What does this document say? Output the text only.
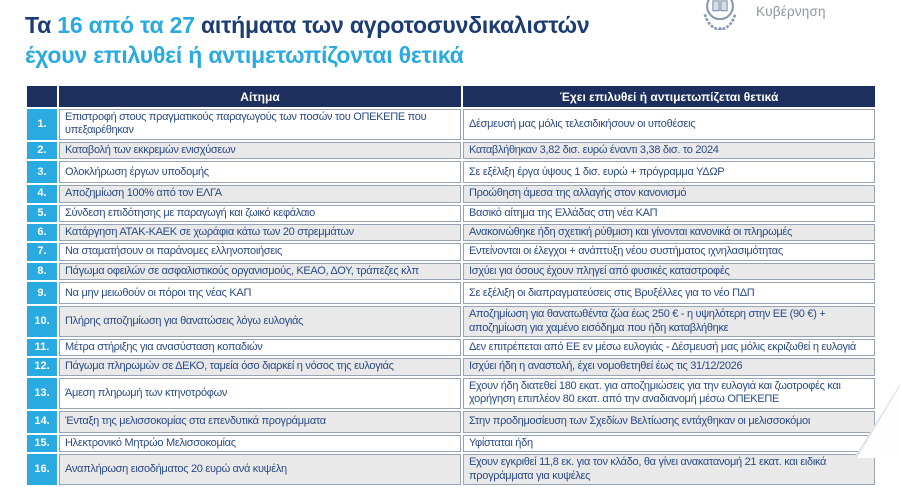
Τα 16 από τα 27 αιτήματα των αγροτοσυνδικαλιστών
έχουν επιλυθεί ή αντιμετωπίζονται θετικά
Κυβέρνηση
	Αίτημα	Έχει επιλυθεί ή αντιμετωπίζεται θετικά
1.	Επιστροφή στους πραγματικούς παραγωγούς των ποσών του ΟΠΕΚΕΠΕ που υπεξαιρέθηκαν	Δέσμευσή μας μόλις τελεσιδικήσουν οι υποθέσεις
2.	Καταβολή των εκκρεμών ενισχύσεων	Καταβλήθηκαν 3,82 δισ. ευρώ έναντι 3,38 δισ. το 2024
3.	Ολοκλήρωση έργων υποδομής	Σε εξέλιξη έργα ύψους 1 δισ. ευρώ + πρόγραμμα ΥΔΩΡ
4.	Αποζημίωση 100% από τον ΕΛΓΑ	Προώθηση άμεσα της αλλαγής στον κανονισμό
5.	Σύνδεση επιδότησης με παραγωγή και ζωικό κεφάλαιο	Βασικό αίτημα της Ελλάδας στη νέα ΚΑΠ
6.	Κατάργηση ΑΤΑΚ-ΚΑΕΚ σε χωράφια κάτω των 20 στρεμμάτων	Ανακοινώθηκε ήδη σχετική ρύθμιση και γίνονται κανονικά οι πληρωμές
7.	Να σταματήσουν οι παράνομες ελληνοποιήσεις	Εντείνονται οι έλεγχοι + ανάπτυξη νέου συστήματος ιχνηλασιμότητας
8.	Πάγωμα οφειλών σε ασφαλιστικούς οργανισμούς, ΚΕΑΟ, ΔΟΥ, τράπεζες κλπ	Ισχύει για όσους έχουν πληγεί από φυσικές καταστροφές
9.	Να μην μειωθούν οι πόροι της νέας ΚΑΠ	Σε εξέλιξη οι διαπραγματεύσεις στις Βρυξέλλες για το νέο ΠΔΠ
10.	Πλήρης αποζημίωση για θανατώσεις λόγω ευλογιάς	Αποζημίωση για θανατωθέντα ζώα έως 250 € - η υψηλότερη στην ΕΕ (90 €) + αποζημίωση για χαμένο εισόδημα που ήδη καταβλήθηκε
11.	Μέτρα στήριξης για ανασύσταση κοπαδιών	Δεν επιτρέπεται από ΕΕ εν μέσω ευλογιάς - Δέσμευσή μας μόλις εκριζωθεί η ευλογιά
12.	Πάγωμα πληρωμών σε ΔΕΚΟ, ταμεία όσο διαρκεί η νόσος της ευλογιάς	Ισχύει ήδη η αναστολή, έχει νομοθετηθεί έως τις 31/12/2026
13.	Άμεση πληρωμή των κτηνοτρόφων	Εχουν ήδη διατεθεί 180 εκατ. για αποζημιώσεις για την ευλογιά και ζωοτροφές και χορήγηση επιπλέον 80 εκατ. από την αναδιανομή μέσω ΟΠΕΚΕΠΕ
14.	Ένταξη της μελισσοκομίας στα επενδυτικά προγράμματα	Στην προδημοσίευση των Σχεδίων Βελτίωσης εντάχθηκαν οι μελισσοκόμοι
15.	Ηλεκτρονικό Μητρώο Μελισσοκομίας	Υφίσταται ήδη
16.	Αναπλήρωση εισοδήματος 20 ευρώ ανά κυψέλη	Εχουν εγκριθεί 11,8 εκ. για τον κλάδο, θα γίνει ανακατανομή 21 εκατ. και ειδικά προγράμματα για κυψέλες
